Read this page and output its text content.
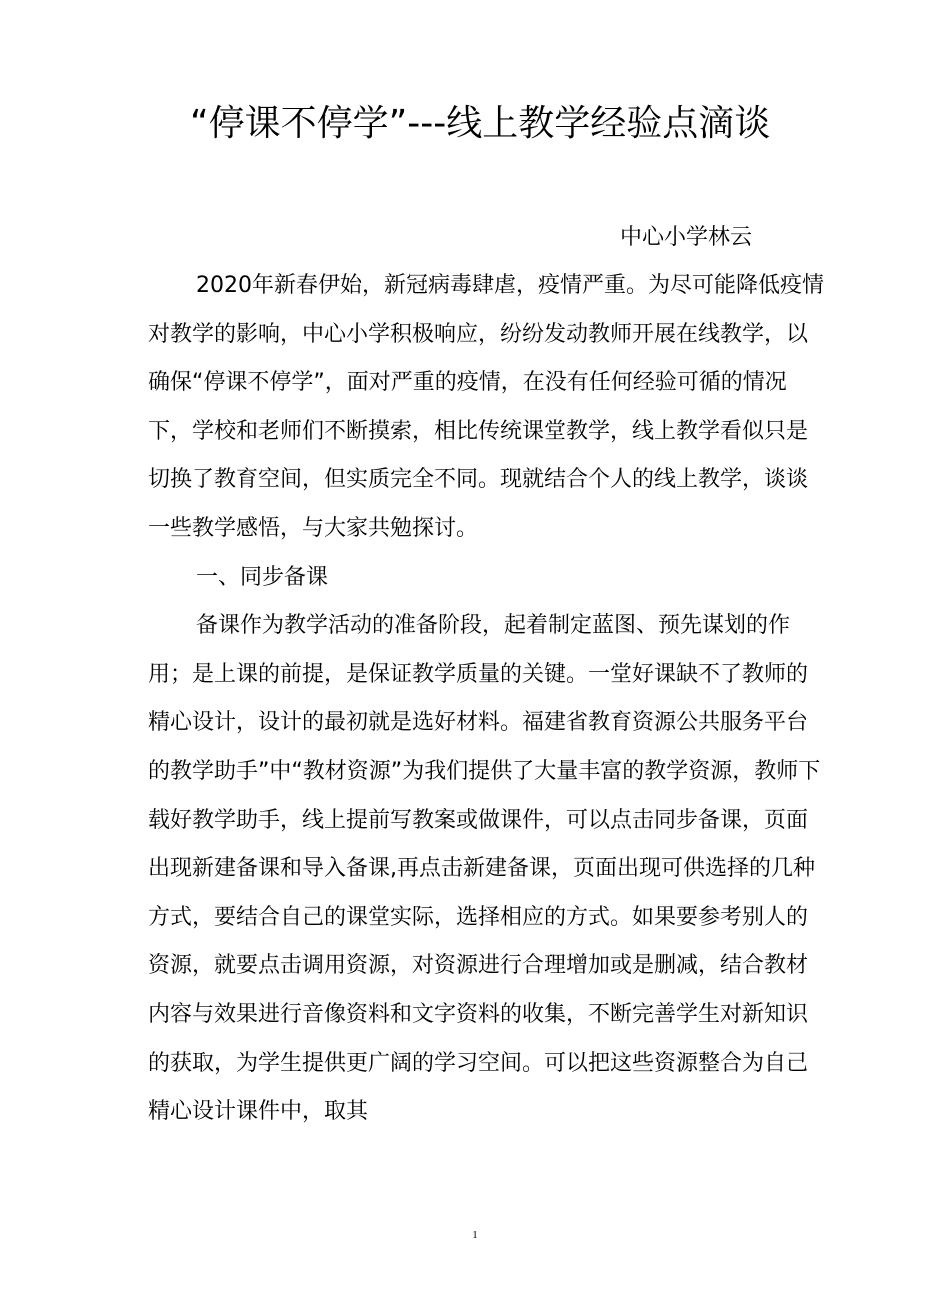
“停课不停学”---线上教学经验点滴谈

中心小学林云

2020年新春伊始，新冠病毒肆虐，疫情严重。为尽可能降低疫情对教学的影响，中心小学积极响应，纷纷发动教师开展在线教学，以确保“停课不停学”，面对严重的疫情，在没有任何经验可循的情况下，学校和老师们不断摸索，相比传统课堂教学，线上教学看似只是切换了教育空间，但实质完全不同。现就结合个人的线上教学，谈谈一些教学感悟，与大家共勉探讨。

一、同步备课

备课作为教学活动的准备阶段，起着制定蓝图、预先谋划的作用；是上课的前提，是保证教学质量的关键。一堂好课缺不了教师的精心设计，设计的最初就是选好材料。福建省教育资源公共服务平台的教学助手”中“教材资源”为我们提供了大量丰富的教学资源，教师下载好教学助手，线上提前写教案或做课件，可以点击同步备课，页面出现新建备课和导入备课,再点击新建备课，页面出现可供选择的几种方式，要结合自己的课堂实际，选择相应的方式。如果要参考别人的资源，就要点击调用资源，对资源进行合理增加或是删减，结合教材内容与效果进行音像资料和文字资料的收集，不断完善学生对新知识的获取，为学生提供更广阔的学习空间。可以把这些资源整合为自己精心设计课件中，取其

1
